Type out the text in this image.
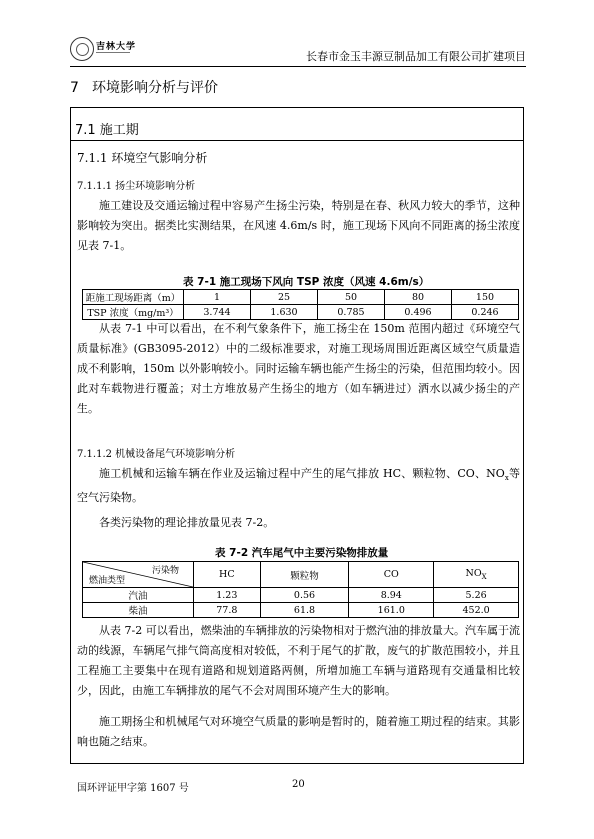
吉林大学
长春市金玉丰源豆制品加工有限公司扩建项目
7 环境影响分析与评价
7.1 施工期
7.1.1 环境空气影响分析
7.1.1.1 扬尘环境影响分析

施工建设及交通运输过程中容易产生扬尘污染，特别是在春、秋风力较大的季节，这种影响较为突出。据类比实测结果，在风速 4.6m/s 时，施工现场下风向不同距离的扬尘浓度见表 7-1。

表 7-1 施工现场下风向 TSP 浓度（风速 4.6m/s）
距施工现场距离（m）	1	25	50	80	150
TSP 浓度（mg/m³）	3.744	1.630	0.785	0.496	0.246

从表 7-1 中可以看出，在不利气象条件下，施工扬尘在 150m 范围内超过《环境空气质量标准》(GB3095-2012）中的二级标准要求，对施工现场周围近距离区域空气质量造成不利影响，150m 以外影响较小。同时运输车辆也能产生扬尘的污染，但范围均较小。因此对车载物进行覆盖；对土方堆放易产生扬尘的地方（如车辆进过）洒水以减少扬尘的产生。

7.1.1.2 机械设备尾气环境影响分析

施工机械和运输车辆在作业及运输过程中产生的尾气排放 HC、颗粒物、CO、$NO_x$等空气污染物。

各类污染物的理论排放量见表 7-2。

表 7-2 汽车尾气中主要污染物排放量
污染物
燃油类型	HC	颗粒物	CO	$NO_X$
汽油	1.23	0.56	8.94	5.26
柴油	77.8	61.8	161.0	452.0

从表 7-2 可以看出，燃柴油的车辆排放的污染物相对于燃汽油的排放量大。汽车属于流动的线源，车辆尾气排气筒高度相对较低，不利于尾气的扩散，废气的扩散范围较小，并且工程施工主要集中在现有道路和规划道路两侧，所增加施工车辆与道路现有交通量相比较少，因此，由施工车辆排放的尾气不会对周围环境产生大的影响。

施工期扬尘和机械尾气对环境空气质量的影响是暂时的，随着施工期过程的结束。其影响也随之结束。

国环评证甲字第 1607 号	20
